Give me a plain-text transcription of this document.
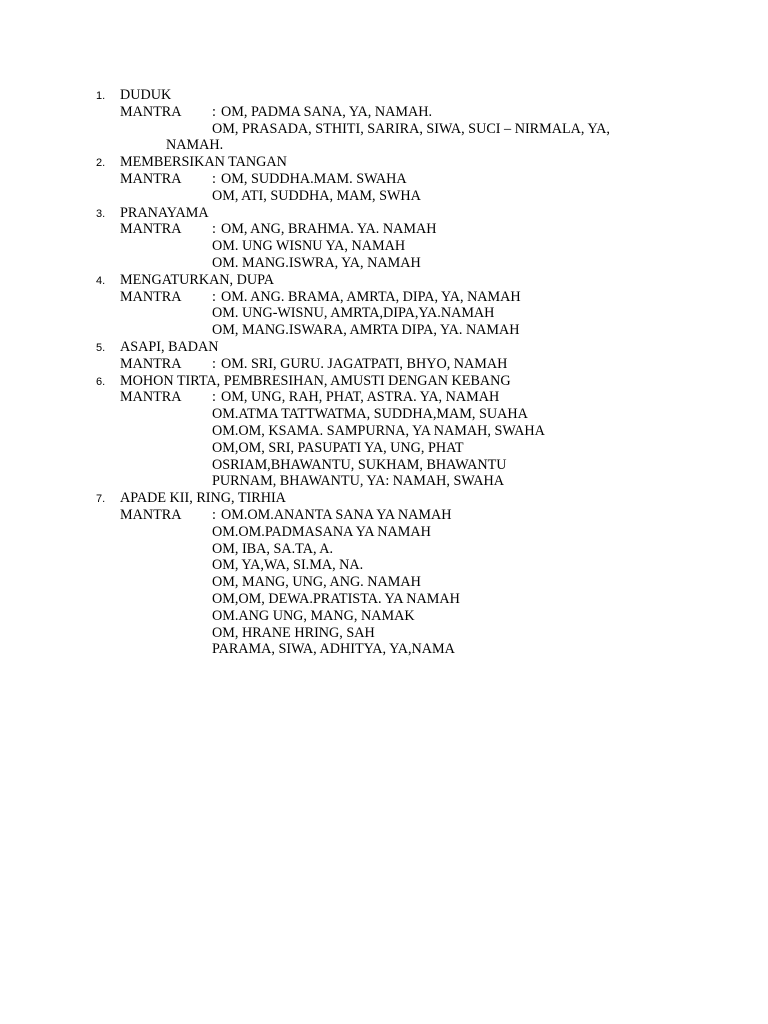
1. DUDUK
MANTRA : OM, PADMA SANA, YA, NAMAH.
OM, PRASADA, STHITI, SARIRA, SIWA, SUCI – NIRMALA, YA,
NAMAH.
2. MEMBERSIKAN TANGAN
MANTRA : OM, SUDDHA.MAM. SWAHA
OM, ATI, SUDDHA, MAM, SWHA
3. PRANAYAMA
MANTRA : OM, ANG, BRAHMA. YA. NAMAH
OM. UNG WISNU YA, NAMAH
OM. MANG.ISWRA, YA, NAMAH
4. MENGATURKAN, DUPA
MANTRA : OM. ANG. BRAMA, AMRTA, DIPA, YA, NAMAH
OM. UNG-WISNU, AMRTA,DIPA,YA.NAMAH
OM, MANG.ISWARA, AMRTA DIPA, YA. NAMAH
5. ASAPI, BADAN
MANTRA : OM. SRI, GURU. JAGATPATI, BHYO, NAMAH
6. MOHON TIRTA, PEMBRESIHAN, AMUSTI DENGAN KEBANG
MANTRA : OM, UNG, RAH, PHAT, ASTRA. YA, NAMAH
OM.ATMA TATTWATMA, SUDDHA,MAM, SUAHA
OM.OM, KSAMA. SAMPURNA, YA NAMAH, SWAHA
OM,OM, SRI, PASUPATI YA, UNG, PHAT
OSRIAM,BHAWANTU, SUKHAM, BHAWANTU
PURNAM, BHAWANTU, YA: NAMAH, SWAHA
7. APADE KII, RING, TIRHIA
MANTRA : OM.OM.ANANTA SANA YA NAMAH
OM.OM.PADMASANA YA NAMAH
OM, IBA, SA.TA, A.
OM, YA,WA, SI.MA, NA.
OM, MANG, UNG, ANG. NAMAH
OM,OM, DEWA.PRATISTA. YA NAMAH
OM.ANG UNG, MANG, NAMAK
OM, HRANE HRING, SAH
PARAMA, SIWA, ADHITYA, YA,NAMA
